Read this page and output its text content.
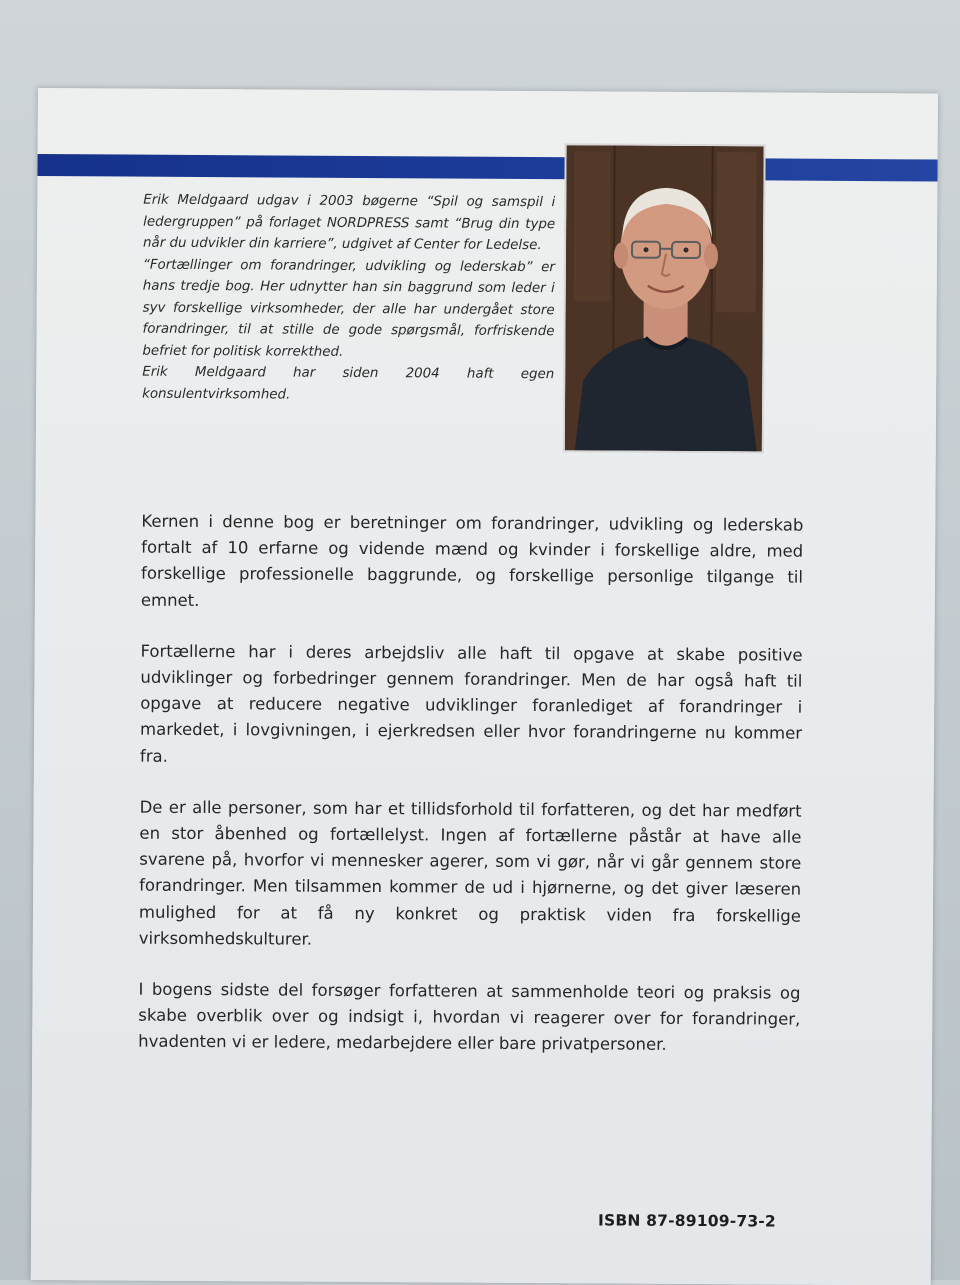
Erik Meldgaard udgav i 2003 bøgerne “Spil og samspil i ledergruppen” på forlaget NORDPRESS samt “Brug din type når du udvikler din karriere”, udgivet af Center for Ledelse.

“Fortællinger om forandringer, udvikling og lederskab” er hans tredje bog. Her udnytter han sin baggrund som leder i syv forskellige virksomheder, der alle har undergået store forandringer, til at stille de gode spørgsmål, forfriskende befriet for politisk korrekthed.

Erik Meldgaard har siden 2004 haft egen konsulentvirksomhed.

Kernen i denne bog er beretninger om forandringer, udvikling og lederskab fortalt af 10 erfarne og vidende mænd og kvinder i forskellige aldre, med forskellige professionelle baggrunde, og forskellige personlige tilgange til emnet.

Fortællerne har i deres arbejdsliv alle haft til opgave at skabe positive udviklinger og forbedringer gennem forandringer. Men de har også haft til opgave at reducere negative udviklinger foranlediget af forandringer i markedet, i lovgivningen, i ejerkredsen eller hvor forandringerne nu kommer fra.

De er alle personer, som har et tillidsforhold til forfatteren, og det har medført en stor åbenhed og fortællelyst. Ingen af fortællerne påstår at have alle svarene på, hvorfor vi mennesker agerer, som vi gør, når vi går gennem store forandringer. Men tilsammen kommer de ud i hjørnerne, og det giver læseren mulighed for at få ny konkret og praktisk viden fra forskellige virksomhedskulturer.

I bogens sidste del forsøger forfatteren at sammenholde teori og praksis og skabe overblik over og indsigt i, hvordan vi reagerer over for forandringer, hvadenten vi er ledere, medarbejdere eller bare privatpersoner.

ISBN 87-89109-73-2
